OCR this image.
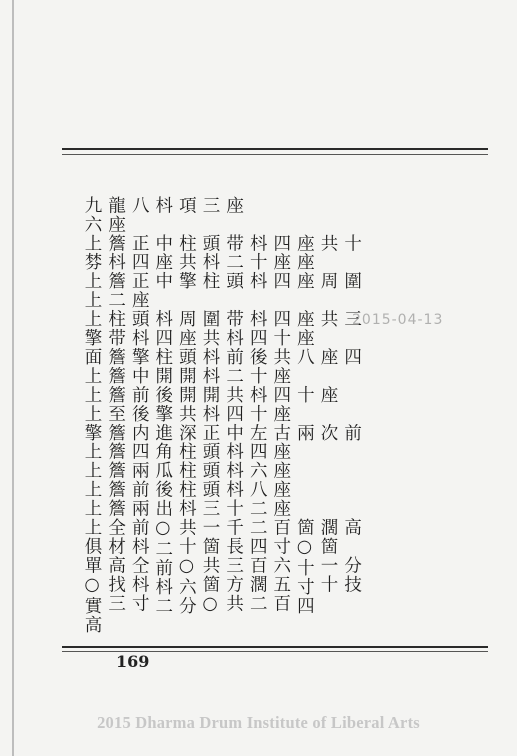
九六上棼上上上擎面上上上擎上上上上上俱單○實高 龍座簷枓簷二柱带簷簷簷至簷簷簷簷簷全材高找三 八　正四正座頭枓擎中前後内四兩前兩前枓仝枓寸 枓　中座中　枓四柱開後擎進角瓜後出○二前枓二 項　柱共擎　周座頭開開共深柱柱柱枓共十○六分 三　頭枓柱　圍共枓枓開枓正頭頭頭三一箇共箇○ 座　带二頭　带枓前二共四中枓枓枓十千長三方共 　　枓十枓　枓四後十枓十左四六八二二四百濶二 　　四座四　四十共座四座古座座座座百寸六五百 　　座座座　座座八　十　兩　　　　箇○十寸四 　　共　周　共　座　座　次　　　　濶箇一十 　　十　圍　三　四　　　前　　　　高　分技
2015-04-13
169
2015 Dharma Drum Institute of Liberal Arts
